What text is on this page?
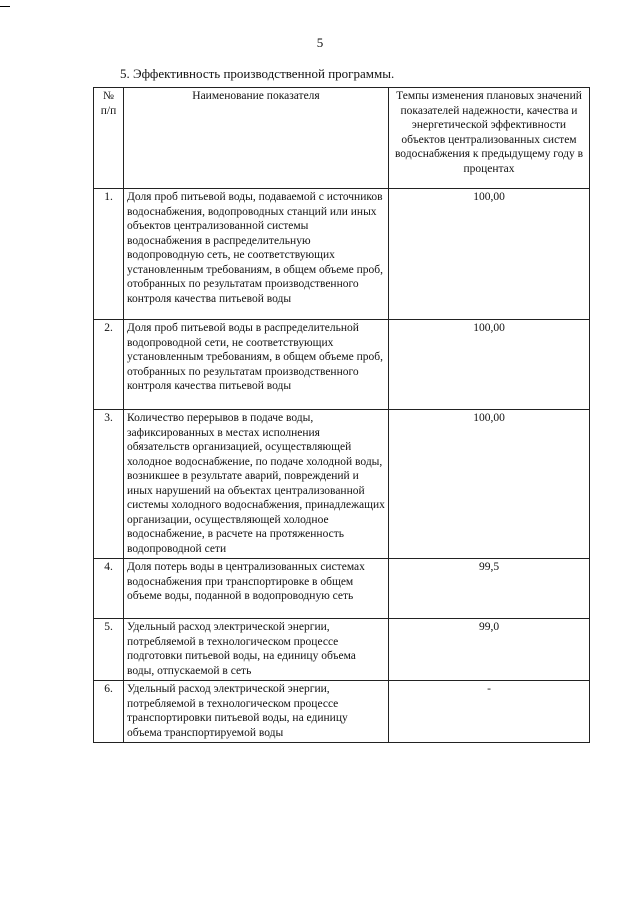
5
5. Эффективность производственной программы.
№
п/п	Наименование показателя	Темпы изменения плановых значений показателей надежности, качества и энергетической эффективности объектов централизованных систем водоснабжения к предыдущему году в процентах
1.	Доля проб питьевой воды, подаваемой с источников водоснабжения, водопроводных станций или иных объектов централизованной системы водоснабжения в распределительную водопроводную сеть, не соответствующих установленным требованиям, в общем объеме проб, отобранных по результатам производственного контроля качества питьевой воды	100,00
2.	Доля проб питьевой воды в распределительной водопроводной сети, не соответствующих установленным требованиям, в общем объеме проб, отобранных по результатам производственного контроля качества питьевой воды	100,00
3.	Количество перерывов в подаче воды, зафиксированных в местах исполнения обязательств организацией, осуществляющей холодное водоснабжение, по подаче холодной воды, возникшее в результате аварий, повреждений и иных нарушений на объектах централизованной системы холодного водоснабжения, принадлежащих организации, осуществляющей холодное водоснабжение, в расчете на протяженность водопроводной сети	100,00
4.	Доля потерь воды в централизованных системах водоснабжения при транспортировке в общем объеме воды, поданной в водопроводную сеть	99,5
5.	Удельный расход электрической энергии, потребляемой в технологическом процессе подготовки питьевой воды, на единицу объема воды, отпускаемой в сеть	99,0
6.	Удельный расход электрической энергии, потребляемой в технологическом процессе транспортировки питьевой воды, на единицу объема транспортируемой воды	-
